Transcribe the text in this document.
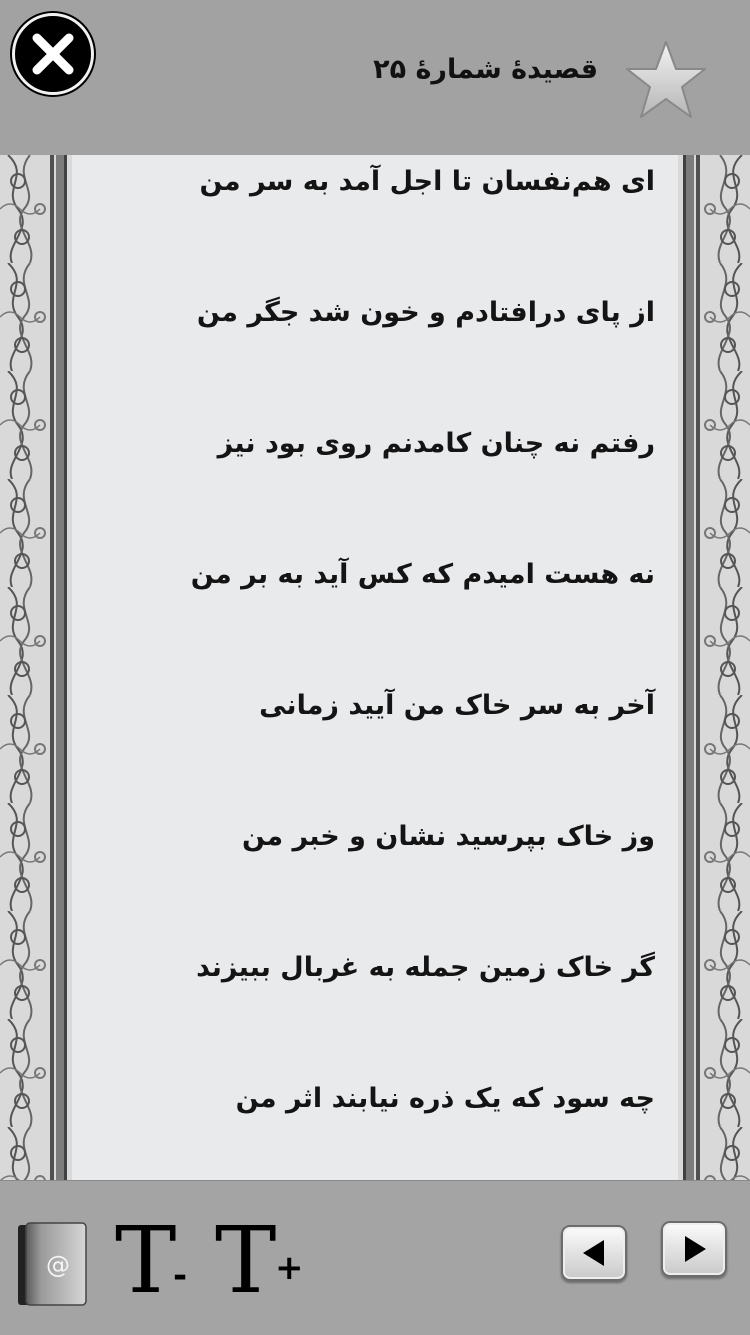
قصیدهٔ شمارهٔ ۲۵
ای هم‌نفسان تا اجل آمد به سر من
از پای درافتادم و خون شد جگر من
رفتم نه چنان کامدنم روی بود نیز
نه هست امیدم که کس آید به بر من
آخر به سر خاک من آیید زمانی
وز خاک بپرسید نشان و خبر من
گر خاک زمین جمله به غربال ببیزند
چه سود که یک ذره نیابند اثر من
@ T
- T
+
